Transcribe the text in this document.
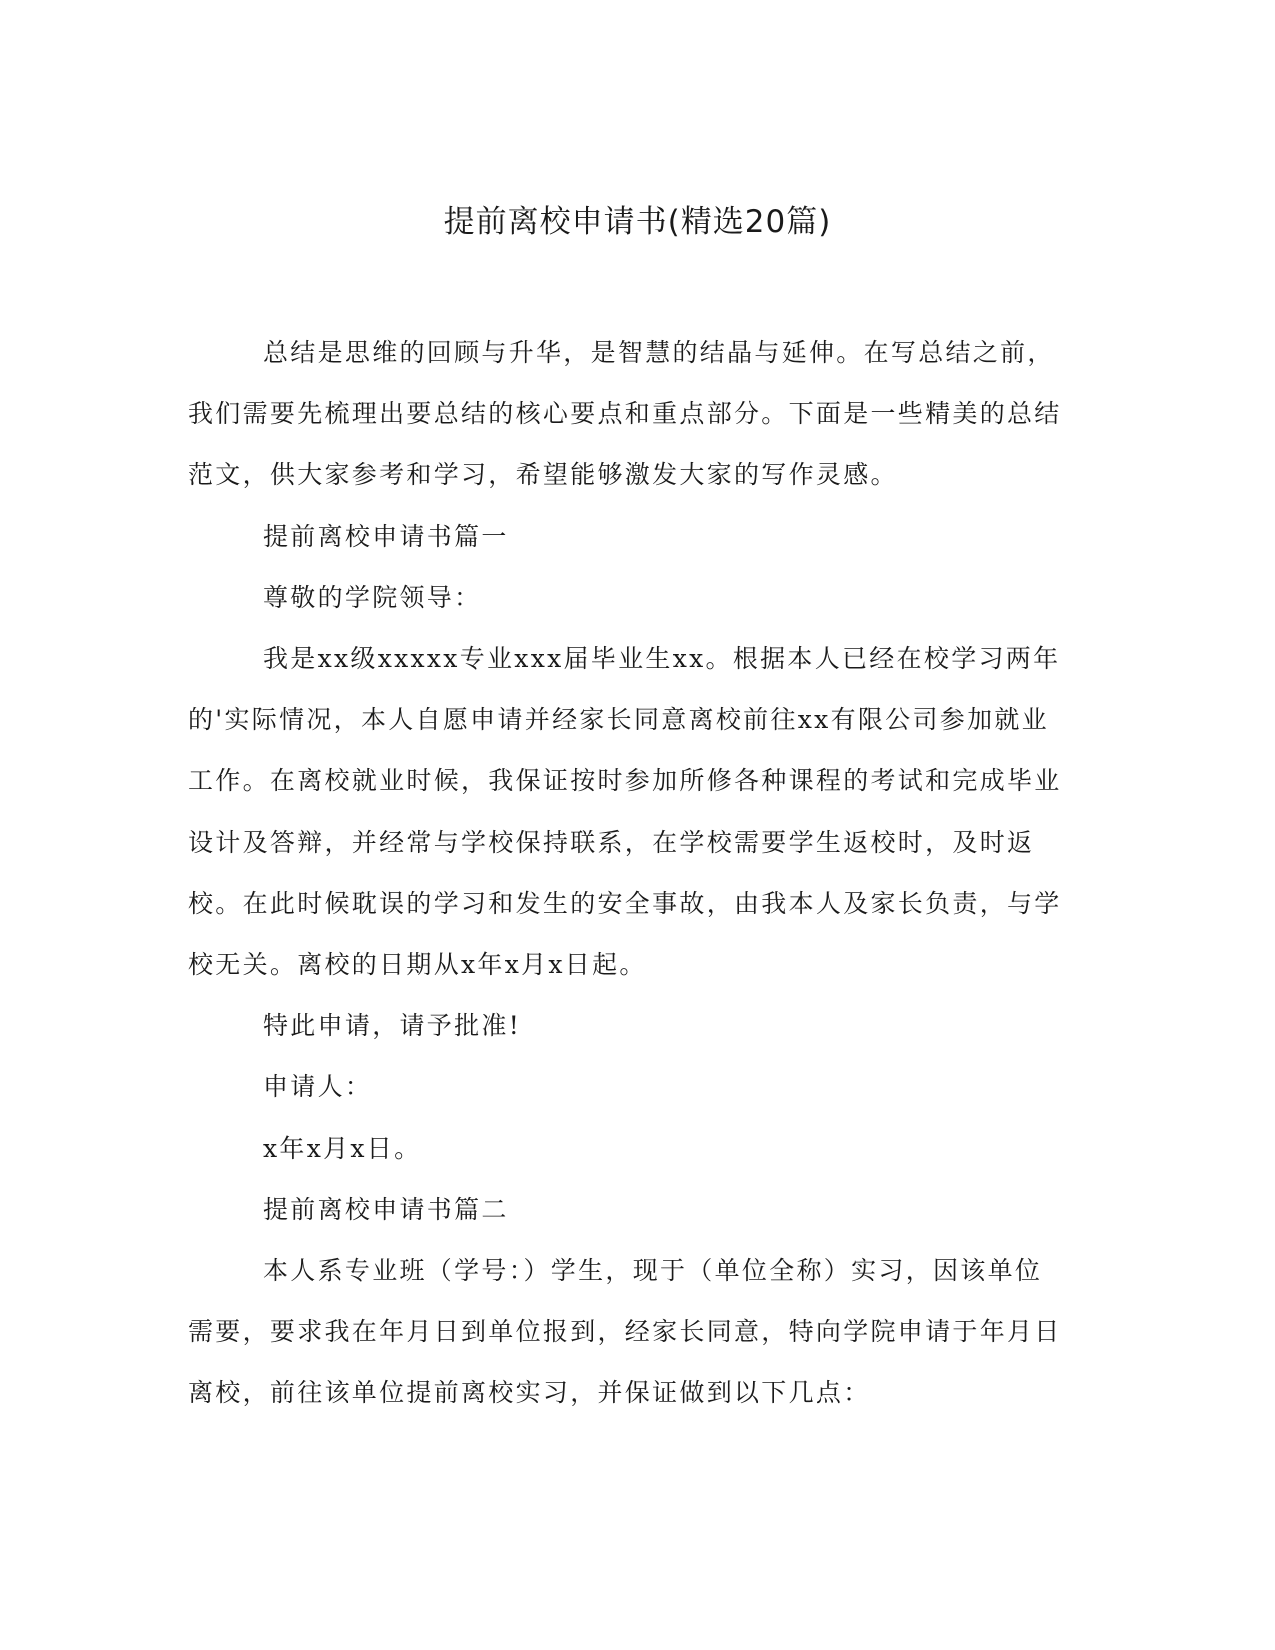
提前离校申请书(精选20篇)

总结是思维的回顾与升华，是智慧的结晶与延伸。在写总结之前，我们需要先梳理出要总结的核心要点和重点部分。下面是一些精美的总结范文，供大家参考和学习，希望能够激发大家的写作灵感。

提前离校申请书篇一

尊敬的学院领导：

我是xx级xxxxx专业xxx届毕业生xx。根据本人已经在校学习两年的'实际情况，本人自愿申请并经家长同意离校前往xx有限公司参加就业工作。在离校就业时候，我保证按时参加所修各种课程的考试和完成毕业设计及答辩，并经常与学校保持联系，在学校需要学生返校时，及时返校。在此时候耽误的学习和发生的安全事故，由我本人及家长负责，与学校无关。离校的日期从x年x月x日起。

特此申请，请予批准!

申请人：

x年x月x日。

提前离校申请书篇二

本人系专业班（学号：）学生，现于（单位全称）实习，因该单位需要，要求我在年月日到单位报到，经家长同意，特向学院申请于年月日离校，前往该单位提前离校实习，并保证做到以下几点：
